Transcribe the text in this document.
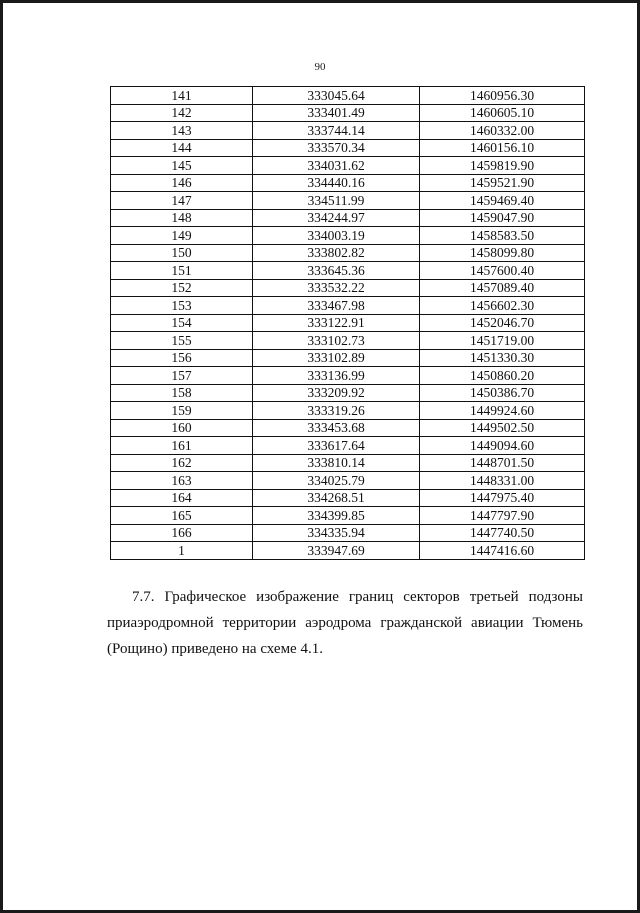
90
141	333045.64	1460956.30
142	333401.49	1460605.10
143	333744.14	1460332.00
144	333570.34	1460156.10
145	334031.62	1459819.90
146	334440.16	1459521.90
147	334511.99	1459469.40
148	334244.97	1459047.90
149	334003.19	1458583.50
150	333802.82	1458099.80
151	333645.36	1457600.40
152	333532.22	1457089.40
153	333467.98	1456602.30
154	333122.91	1452046.70
155	333102.73	1451719.00
156	333102.89	1451330.30
157	333136.99	1450860.20
158	333209.92	1450386.70
159	333319.26	1449924.60
160	333453.68	1449502.50
161	333617.64	1449094.60
162	333810.14	1448701.50
163	334025.79	1448331.00
164	334268.51	1447975.40
165	334399.85	1447797.90
166	334335.94	1447740.50
1	333947.69	1447416.60

7.7. Графическое изображение границ секторов третьей подзоны приаэродромной территории аэродрома гражданской авиации Тюмень (Рощино) приведено на схеме 4.1.
